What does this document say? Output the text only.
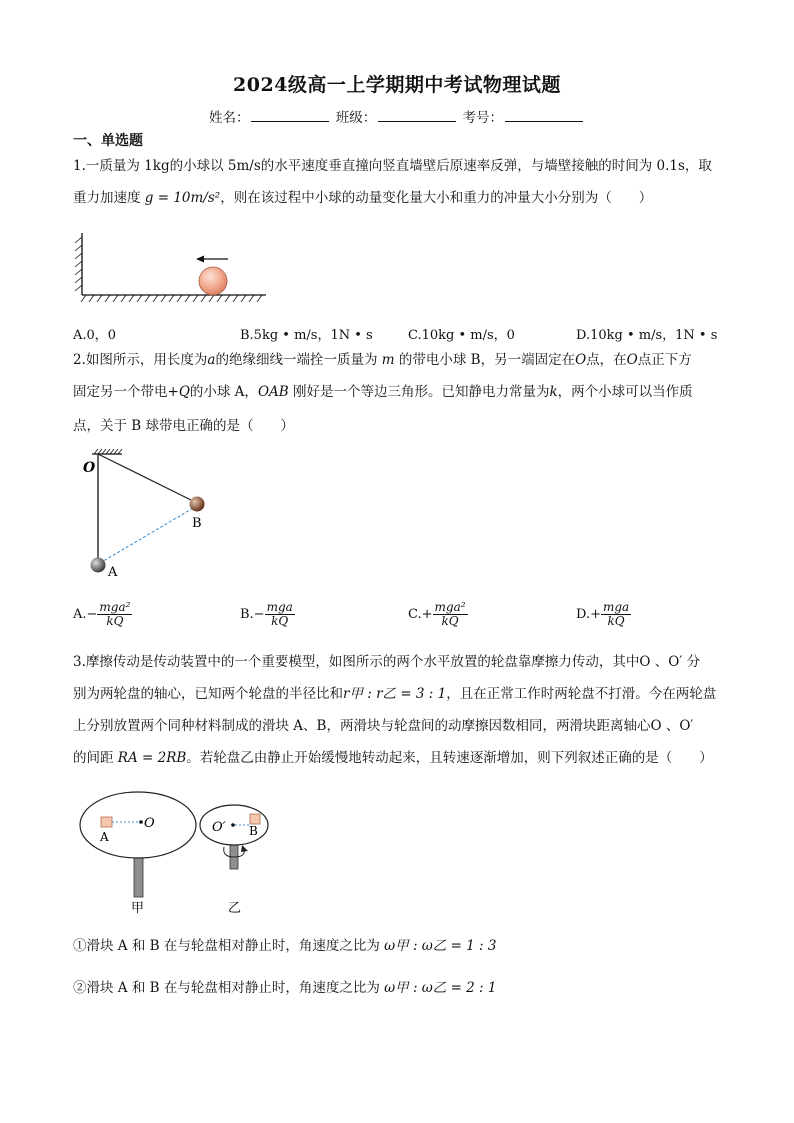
2024级高一上学期期中考试物理试题
姓名：	班级：	考号：
一、单选题
1.一质量为 1kg的小球以 5m/s的水平速度垂直撞向竖直墙壁后原速率反弹，与墙壁接触的时间为 0.1s，取
重力加速度 g = 10m/s²，则在该过程中小球的动量变化量大小和重力的冲量大小分别为（　　）
A.0，0	B.5kg • m/s，1N • s	C.10kg • m/s，0	D.10kg • m/s，1N • s
2.如图所示，用长度为a的绝缘细线一端拴一质量为 m 的带电小球 B，另一端固定在O点，在O点正下方
固定另一个带电+Q的小球 A，OAB 刚好是一个等边三角形。已知静电力常量为k，两个小球可以当作质
点，关于 B 球带电正确的是（　　）
O
A
B
$A.- \frac{\text{mga²}}{kQ}$	$B.- \frac{\text{mga}}{kQ}$	$C.+ \frac{\text{mga²}}{kQ}$	$D.+ \frac{\text{mga}}{kQ}$
3.摩擦传动是传动装置中的一个重要模型，如图所示的两个水平放置的轮盘靠摩擦力传动，其中O 、O′ 分
别为两轮盘的轴心，已知两个轮盘的半径比和r甲 : r乙 = 3 : 1，且在正常工作时两轮盘不打滑。今在两轮盘
上分别放置两个同种材料制成的滑块 A、B，两滑块与轮盘间的动摩擦因数相同，两滑块距离轴心O 、O′
的间距 RA = 2RB。若轮盘乙由静止开始缓慢地转动起来，且转速逐渐增加，则下列叙述正确的是（　　）
O
A
O′ B
甲	乙
①滑块 A 和 B 在与轮盘相对静止时，角速度之比为 ω甲 : ω乙 = 1 : 3
②滑块 A 和 B 在与轮盘相对静止时，角速度之比为 ω甲 : ω乙 = 2 : 1
